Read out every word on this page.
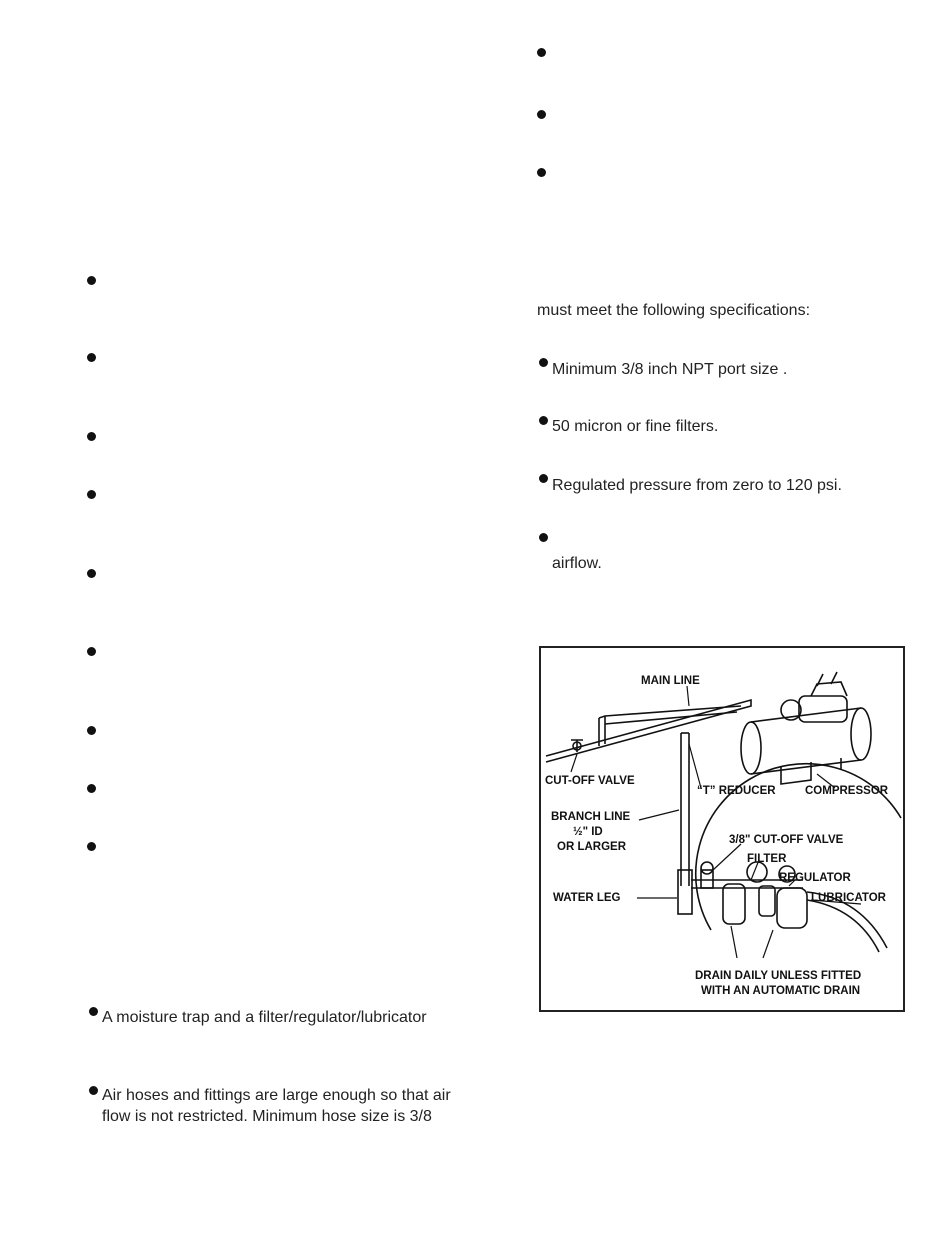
A moisture trap and a filter/regulator/lubricator
Air hoses and fittings are large enough so that air
flow is not restricted. Minimum hose size is 3/8
must meet the following specifications:
Minimum 3/8 inch NPT port size .
50 micron or fine filters.
Regulated pressure from zero to 120 psi.
airflow.
MAIN LINE
CUT-OFF VALVE
“T” REDUCER	COMPRESSOR
BRANCH LINE
½" ID
OR LARGER
3/8" CUT-OFF VALVE
FILTER
REGULATOR
LUBRICATOR
WATER LEG
DRAIN DAILY UNLESS FITTED
WITH AN AUTOMATIC DRAIN
